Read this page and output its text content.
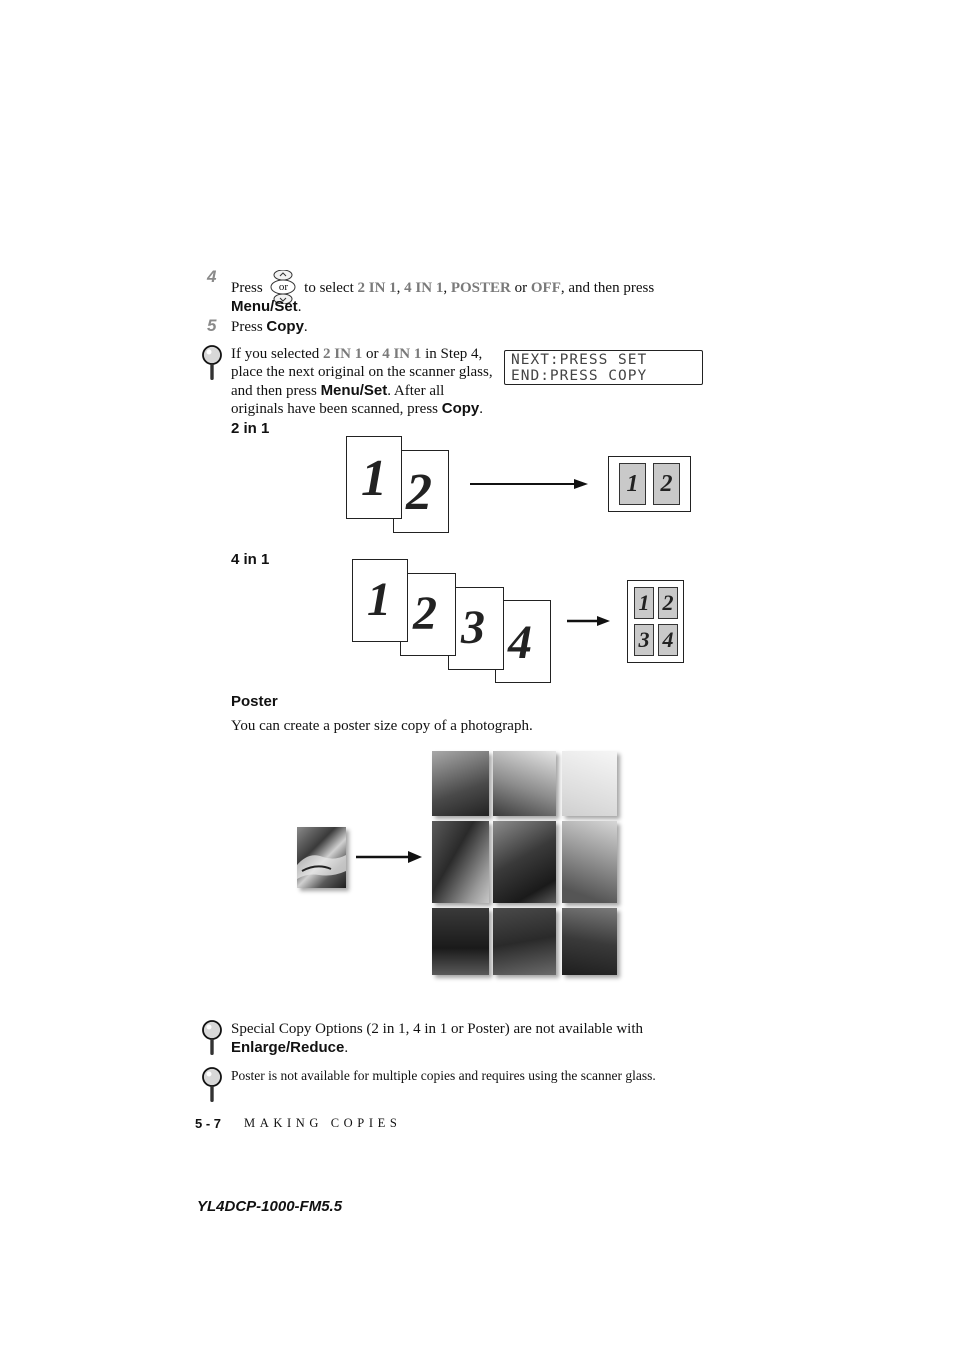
4
Press	or	to select 2 IN 1, 4 IN 1, POSTER or OFF, and then press
Menu/Set.
5 Press Copy.
If you selected 2 IN 1 or 4 IN 1 in Step 4, place the next original on the scanner glass, and then press Menu/Set. After all originals have been scanned, press Copy.
NEXT:PRESS SET
END:PRESS COPY
2 in 1
2
1	1 2
4 in 1
4
3
2
1	1 2
3 4
Poster
You can create a poster size copy of a photograph.
Special Copy Options (2 in 1, 4 in 1 or Poster) are not available with Enlarge/Reduce.
Poster is not available for multiple copies and requires using the scanner glass.
5 - 7 MAKING COPIES
YL4DCP-1000-FM5.5
